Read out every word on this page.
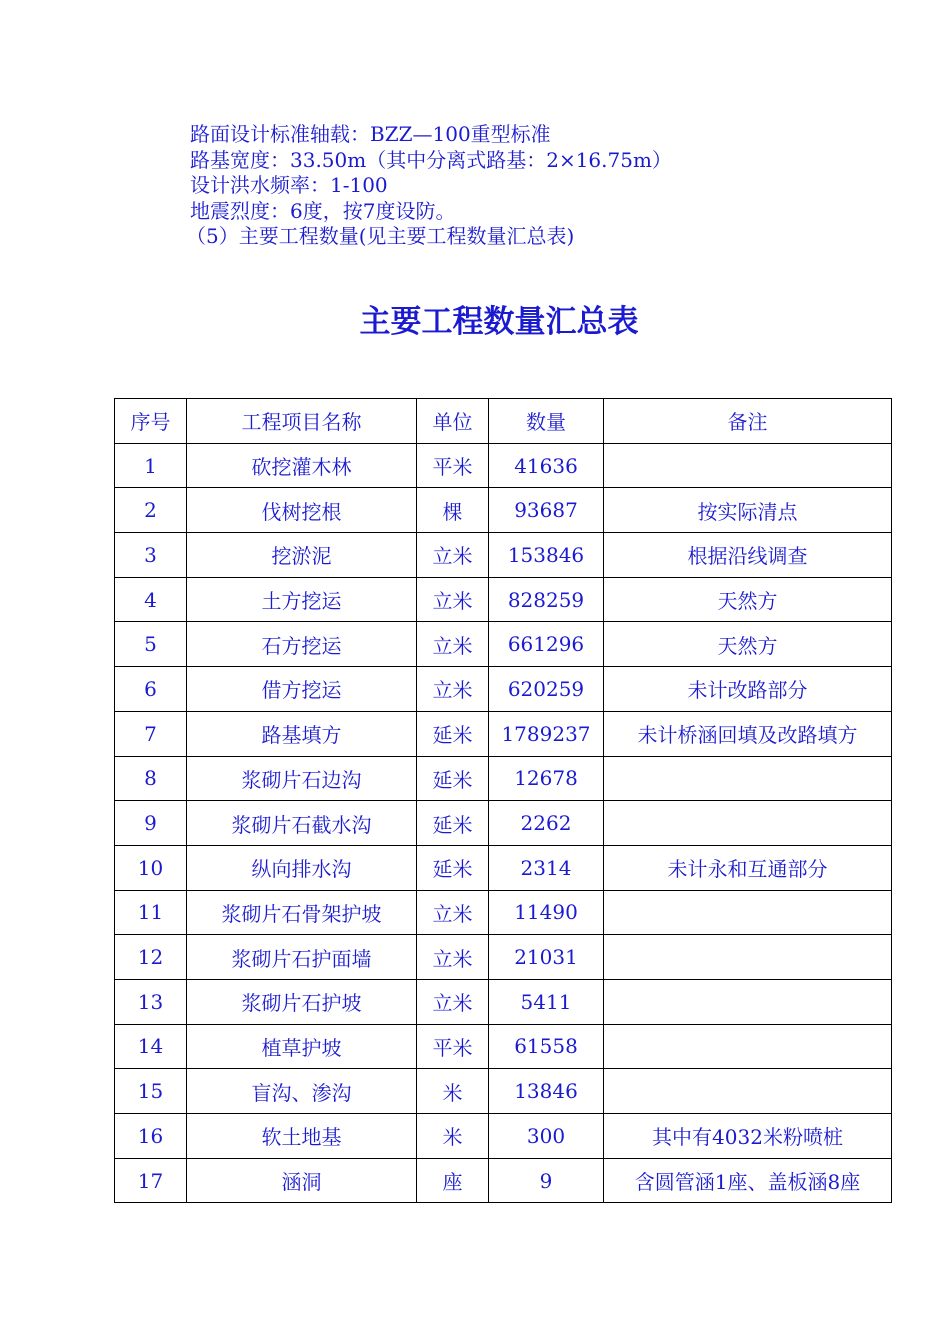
路面设计标准轴载：BZZ—100重型标准
路基宽度：33.50m（其中分离式路基：2×16.75m）
设计洪水频率：1-100
地震烈度：6度，按7度设防。
（5）主要工程数量(见主要工程数量汇总表)
主要工程数量汇总表
序号	工程项目名称	单位	数量	备注
1	砍挖灌木林	平米	41636	
2	伐树挖根	棵	93687	按实际清点
3	挖淤泥	立米	153846	根据沿线调查
4	土方挖运	立米	828259	天然方
5	石方挖运	立米	661296	天然方
6	借方挖运	立米	620259	未计改路部分
7	路基填方	延米	1789237	未计桥涵回填及改路填方
8	浆砌片石边沟	延米	12678	
9	浆砌片石截水沟	延米	2262	
10	纵向排水沟	延米	2314	未计永和互通部分
11	浆砌片石骨架护坡	立米	11490	
12	浆砌片石护面墙	立米	21031	
13	浆砌片石护坡	立米	5411	
14	植草护坡	平米	61558	
15	盲沟、渗沟	米	13846	
16	软土地基	米	300	其中有4032米粉喷桩
17	涵洞	座	9	含圆管涵1座、盖板涵8座
